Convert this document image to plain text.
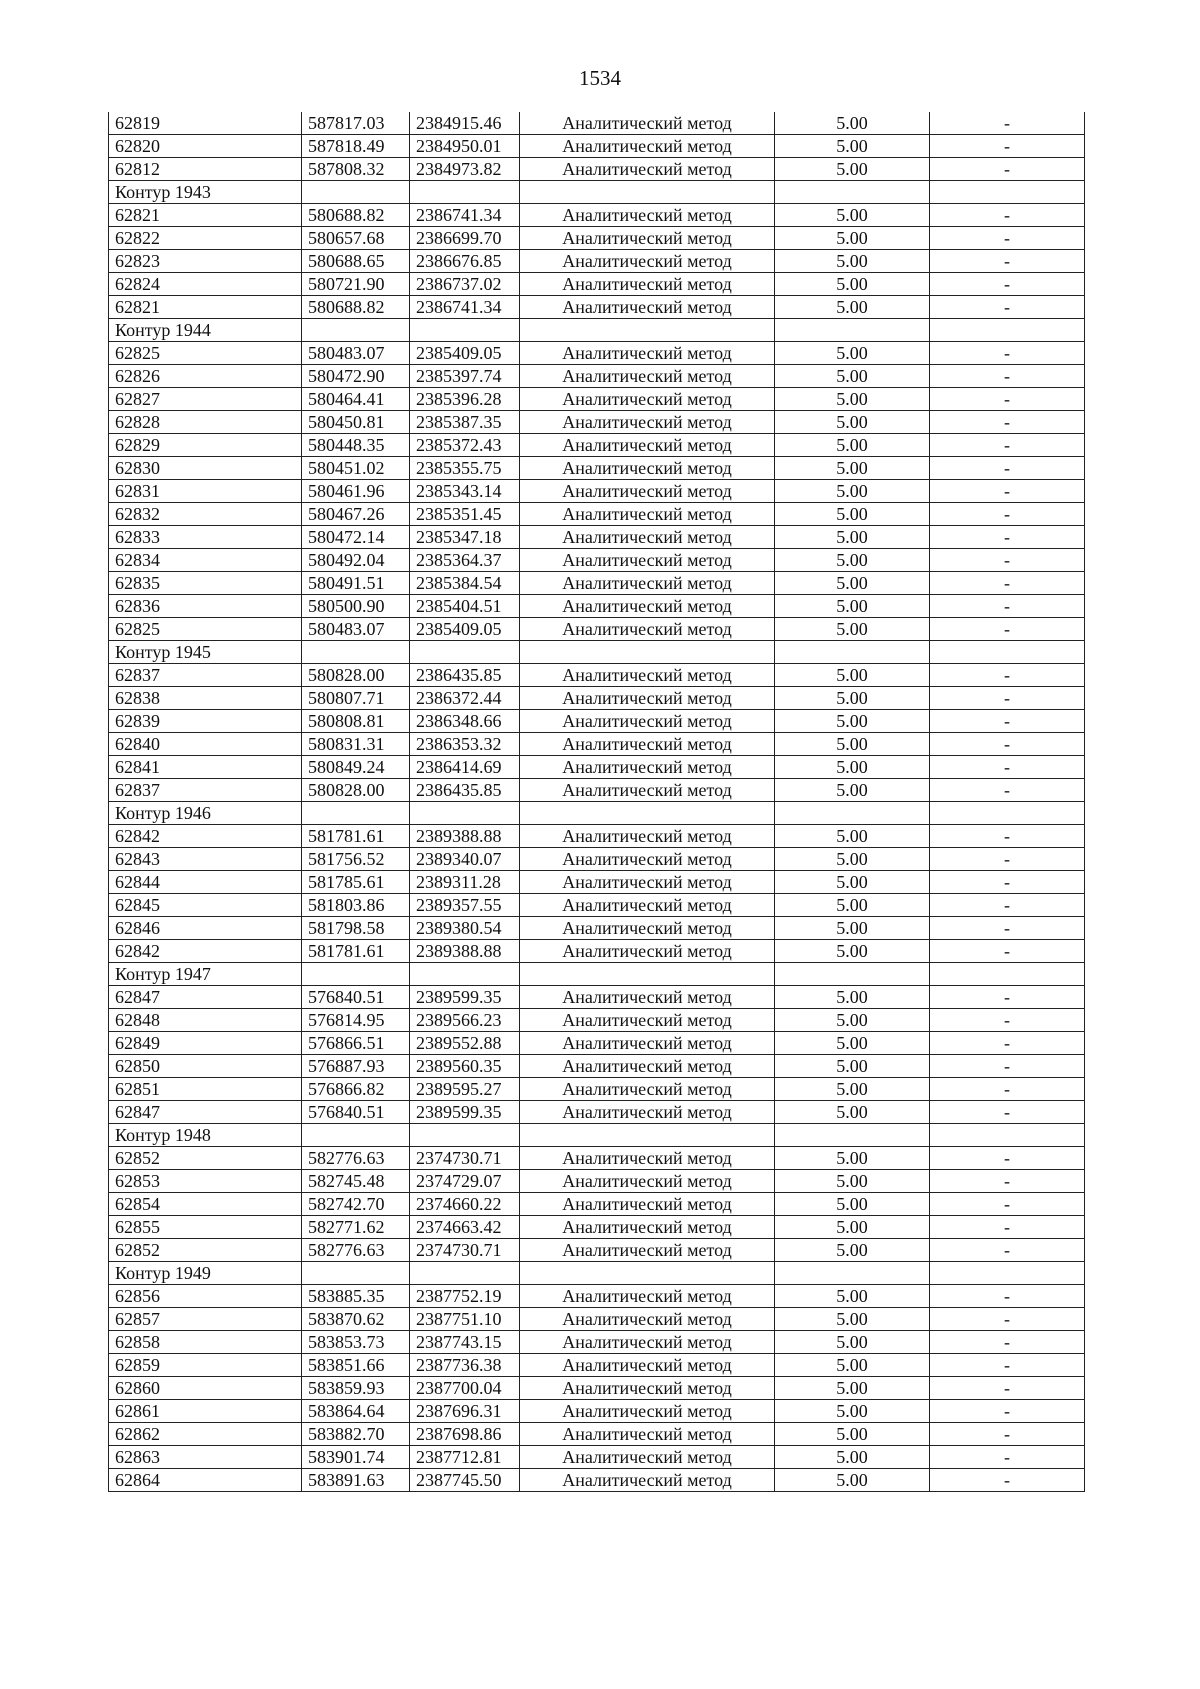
1534
62819	587817.03	2384915.46	Аналитический метод	5.00	-
62820	587818.49	2384950.01	Аналитический метод	5.00	-
62812	587808.32	2384973.82	Аналитический метод	5.00	-
Контур 1943					
62821	580688.82	2386741.34	Аналитический метод	5.00	-
62822	580657.68	2386699.70	Аналитический метод	5.00	-
62823	580688.65	2386676.85	Аналитический метод	5.00	-
62824	580721.90	2386737.02	Аналитический метод	5.00	-
62821	580688.82	2386741.34	Аналитический метод	5.00	-
Контур 1944					
62825	580483.07	2385409.05	Аналитический метод	5.00	-
62826	580472.90	2385397.74	Аналитический метод	5.00	-
62827	580464.41	2385396.28	Аналитический метод	5.00	-
62828	580450.81	2385387.35	Аналитический метод	5.00	-
62829	580448.35	2385372.43	Аналитический метод	5.00	-
62830	580451.02	2385355.75	Аналитический метод	5.00	-
62831	580461.96	2385343.14	Аналитический метод	5.00	-
62832	580467.26	2385351.45	Аналитический метод	5.00	-
62833	580472.14	2385347.18	Аналитический метод	5.00	-
62834	580492.04	2385364.37	Аналитический метод	5.00	-
62835	580491.51	2385384.54	Аналитический метод	5.00	-
62836	580500.90	2385404.51	Аналитический метод	5.00	-
62825	580483.07	2385409.05	Аналитический метод	5.00	-
Контур 1945					
62837	580828.00	2386435.85	Аналитический метод	5.00	-
62838	580807.71	2386372.44	Аналитический метод	5.00	-
62839	580808.81	2386348.66	Аналитический метод	5.00	-
62840	580831.31	2386353.32	Аналитический метод	5.00	-
62841	580849.24	2386414.69	Аналитический метод	5.00	-
62837	580828.00	2386435.85	Аналитический метод	5.00	-
Контур 1946					
62842	581781.61	2389388.88	Аналитический метод	5.00	-
62843	581756.52	2389340.07	Аналитический метод	5.00	-
62844	581785.61	2389311.28	Аналитический метод	5.00	-
62845	581803.86	2389357.55	Аналитический метод	5.00	-
62846	581798.58	2389380.54	Аналитический метод	5.00	-
62842	581781.61	2389388.88	Аналитический метод	5.00	-
Контур 1947					
62847	576840.51	2389599.35	Аналитический метод	5.00	-
62848	576814.95	2389566.23	Аналитический метод	5.00	-
62849	576866.51	2389552.88	Аналитический метод	5.00	-
62850	576887.93	2389560.35	Аналитический метод	5.00	-
62851	576866.82	2389595.27	Аналитический метод	5.00	-
62847	576840.51	2389599.35	Аналитический метод	5.00	-
Контур 1948					
62852	582776.63	2374730.71	Аналитический метод	5.00	-
62853	582745.48	2374729.07	Аналитический метод	5.00	-
62854	582742.70	2374660.22	Аналитический метод	5.00	-
62855	582771.62	2374663.42	Аналитический метод	5.00	-
62852	582776.63	2374730.71	Аналитический метод	5.00	-
Контур 1949					
62856	583885.35	2387752.19	Аналитический метод	5.00	-
62857	583870.62	2387751.10	Аналитический метод	5.00	-
62858	583853.73	2387743.15	Аналитический метод	5.00	-
62859	583851.66	2387736.38	Аналитический метод	5.00	-
62860	583859.93	2387700.04	Аналитический метод	5.00	-
62861	583864.64	2387696.31	Аналитический метод	5.00	-
62862	583882.70	2387698.86	Аналитический метод	5.00	-
62863	583901.74	2387712.81	Аналитический метод	5.00	-
62864	583891.63	2387745.50	Аналитический метод	5.00	-
